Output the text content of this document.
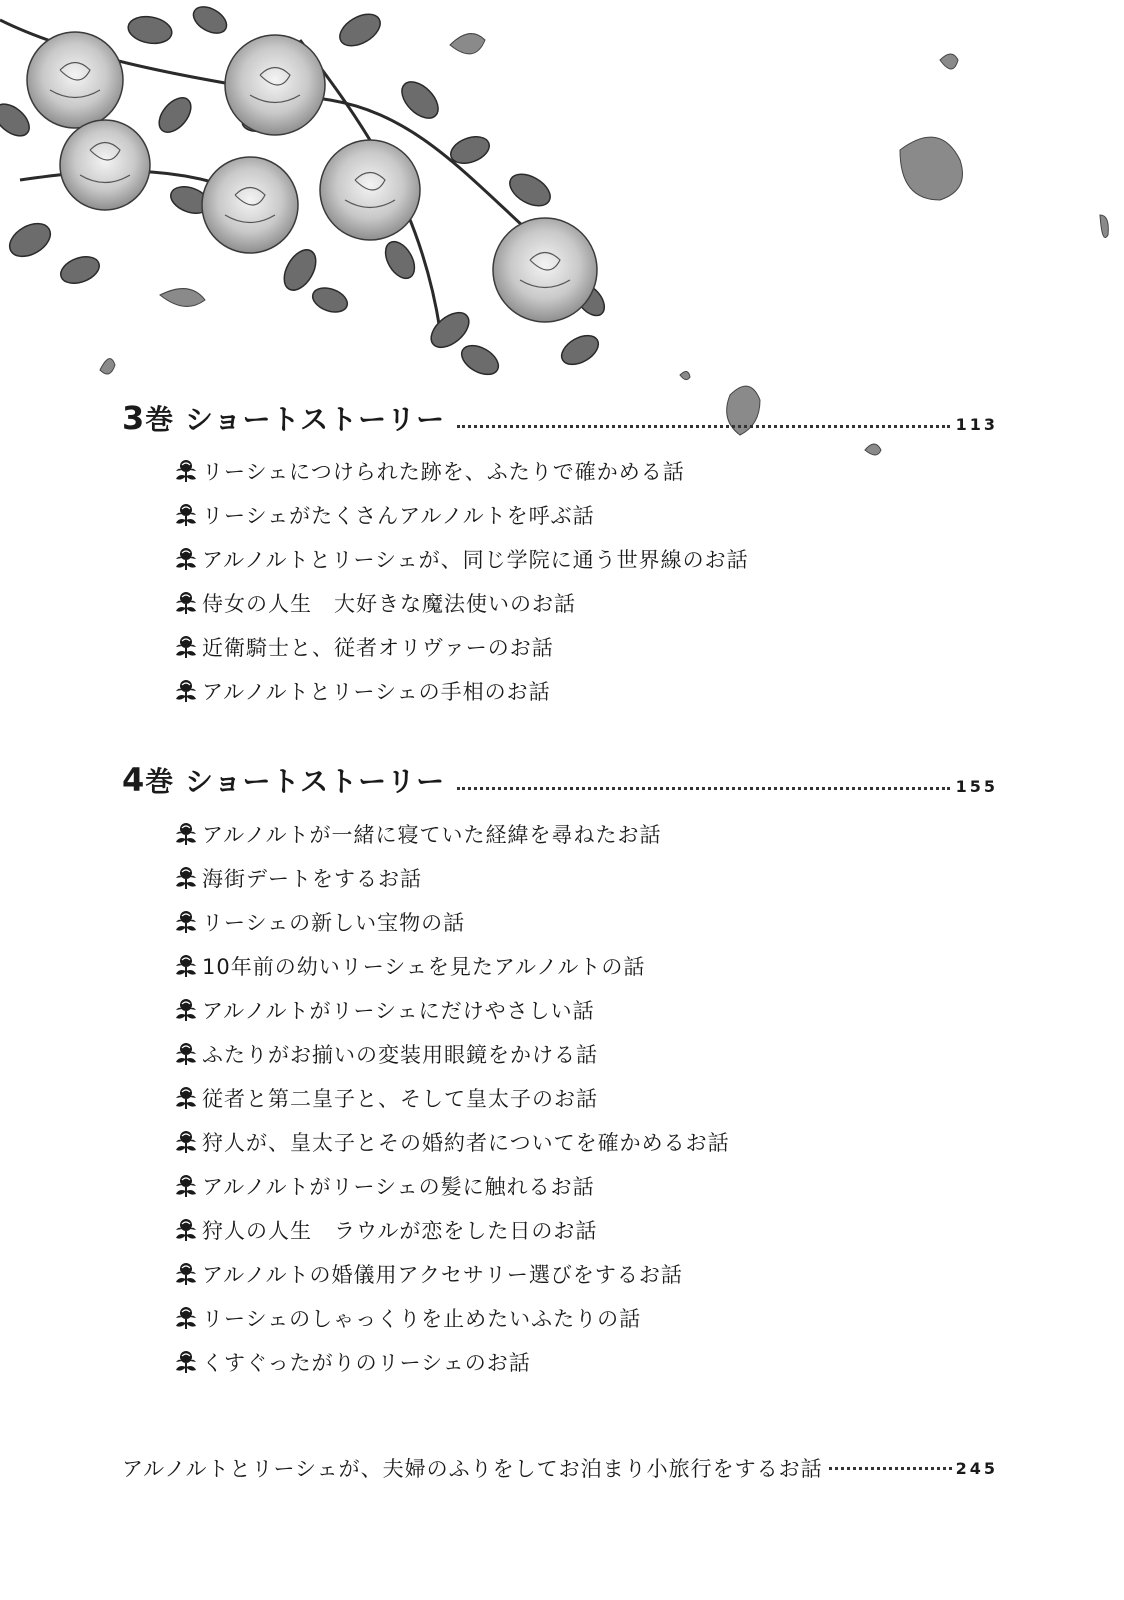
3巻 ショートストーリー	113
リーシェにつけられた跡を、ふたりで確かめる話
リーシェがたくさんアルノルトを呼ぶ話
アルノルトとリーシェが、同じ学院に通う世界線のお話
侍女の人生　大好きな魔法使いのお話
近衛騎士と、従者オリヴァーのお話
アルノルトとリーシェの手相のお話
4巻 ショートストーリー	155
アルノルトが一緒に寝ていた経緯を尋ねたお話
海街デートをするお話
リーシェの新しい宝物の話
10年前の幼いリーシェを見たアルノルトの話
アルノルトがリーシェにだけやさしい話
ふたりがお揃いの変装用眼鏡をかける話
従者と第二皇子と、そして皇太子のお話
狩人が、皇太子とその婚約者についてを確かめるお話
アルノルトがリーシェの髪に触れるお話
狩人の人生　ラウルが恋をした日のお話
アルノルトの婚儀用アクセサリー選びをするお話
リーシェのしゃっくりを止めたいふたりの話
くすぐったがりのリーシェのお話
アルノルトとリーシェが、夫婦のふりをしてお泊まり小旅行をするお話	245
